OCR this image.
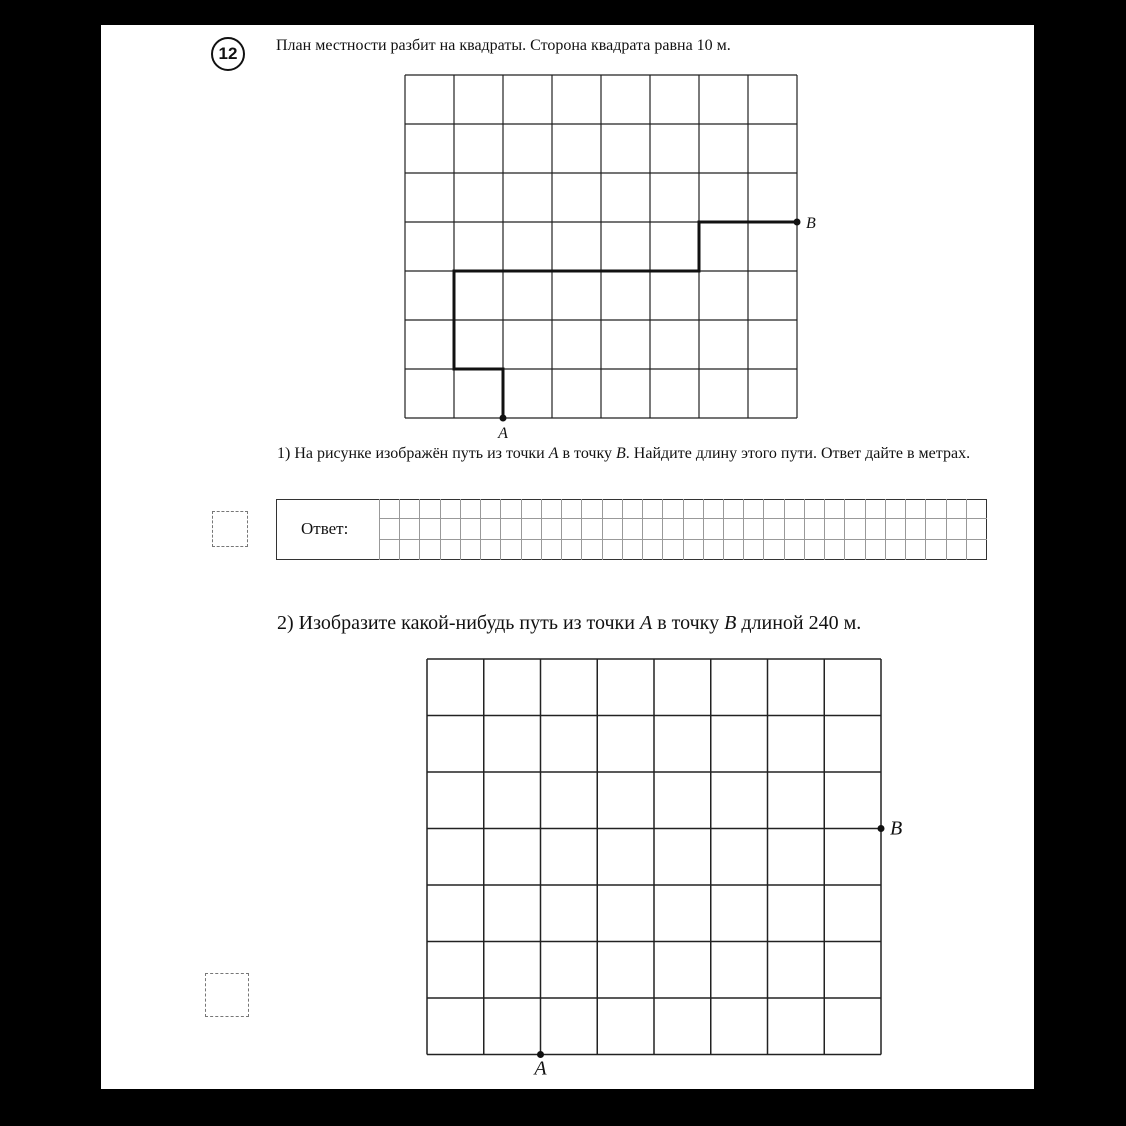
12	План местности разбит на квадраты. Сторона квадрата равна 10 м.
A
B
1) На рисунке изображён путь из точки A в точку B. Найдите длину этого пути. Ответ дайте в метрах.
Ответ:
2) Изобразите какой-нибудь путь из точки A в точку B длиной 240 м.
A
B
